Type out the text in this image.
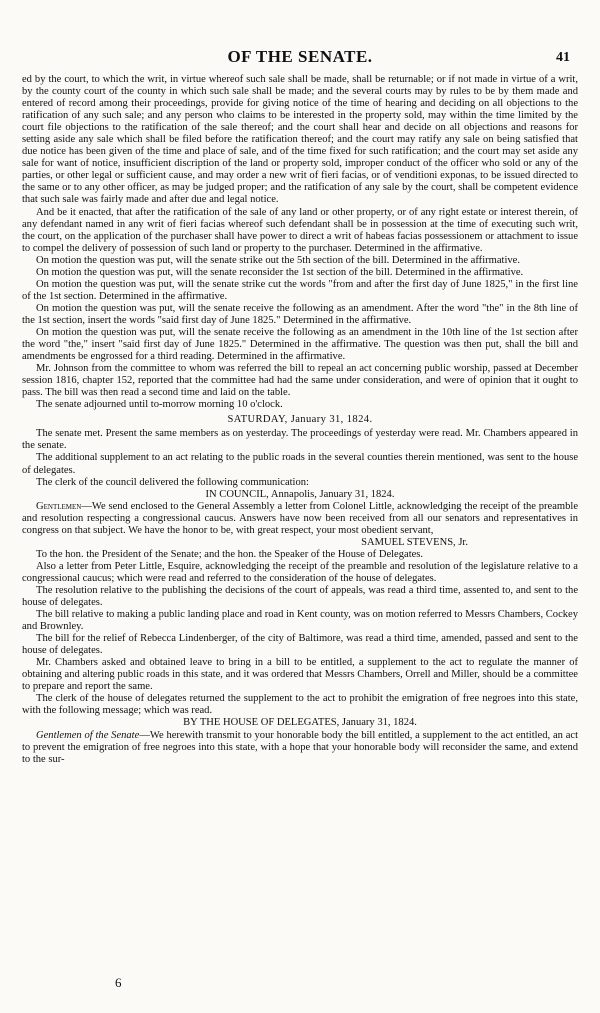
OF THE SENATE.	41

ed by the court, to which the writ, in virtue whereof such sale shall be made, shall be returnable; or if not made in virtue of a writ, by the county court of the county in which such sale shall be made; and the several courts may by rules to be by them made and entered of record among their proceedings, provide for giving notice of the time of hearing and deciding on all objections to the ratification of any such sale; and any person who claims to be interested in the property sold, may within the time limited by the court file objections to the ratification of the sale thereof; and the court shall hear and decide on all objections and reasons for setting aside any sale which shall be filed before the ratification thereof; and the court may ratify any sale on being satisfied that due notice has been given of the time and place of sale, and of the time fixed for such ratification; and the court may set aside any sale for want of notice, insufficient discription of the land or property sold, improper conduct of the officer who sold or any of the parties, or other legal or sufficient cause, and may order a new writ of fieri facias, or of venditioni exponas, to be issued directed to the same or to any other officer, as may be judged proper; and the ratification of any sale by the court, shall be competent evidence that such sale was fairly made and after due and legal notice.

And be it enacted, that after the ratification of the sale of any land or other property, or of any right estate or interest therein, of any defendant named in any writ of fieri facias whereof such defendant shall be in possession at the time of executing such writ, the court, on the application of the purchaser shall have power to direct a writ of habeas facias possessionem or attachment to issue to compel the delivery of possession of such land or property to the purchaser. Determined in the affirmative.

On motion the question was put, will the senate strike out the 5th section of the bill. Determined in the affirmative.

On motion the question was put, will the senate reconsider the 1st section of the bill. Determined in the affirmative.

On motion the question was put, will the senate strike cut the words "from and after the first day of June 1825," in the first line of the 1st section. Determined in the affirmative.

On motion the question was put, will the senate receive the following as an amendment. After the word "the" in the 8th line of the 1st section, insert the words "said first day of June 1825." Determined in the affirmative.

On motion the question was put, will the senate receive the following as an amendment in the 10th line of the 1st section after the word "the," insert "said first day of June 1825." Determined in the affirmative. The question was then put, shall the bill and amendments be engrossed for a third reading. Determined in the affirmative.

Mr. Johnson from the committee to whom was referred the bill to repeal an act concerning public worship, passed at December session 1816, chapter 152, reported that the committee had had the same under consideration, and were of opinion that it ought to pass. The bill was then read a second time and laid on the table.

The senate adjourned until to-morrow morning 10 o'clock.

SATURDAY, January 31, 1824.

The senate met. Present the same members as on yesterday. The proceedings of yesterday were read. Mr. Chambers appeared in the senate.

The additional supplement to an act relating to the public roads in the several counties therein mentioned, was sent to the house of delegates.

The clerk of the council delivered the following communication:

IN COUNCIL, Annapolis, January 31, 1824.

Gentlemen—We send enclosed to the General Assembly a letter from Colonel Little, acknowledging the receipt of the preamble and resolution respecting a congressional caucus. Answers have now been received from all our senators and representatives in congress on that subject. We have the honor to be, with great respect, your most obedient servant,

SAMUEL STEVENS, Jr.

To the hon. the President of the Senate; and the hon. the Speaker of the House of Delegates.

Also a letter from Peter Little, Esquire, acknowledging the receipt of the preamble and resolution of the legislature relative to a congressional caucus; which were read and referred to the consideration of the house of delegates.

The resolution relative to the publishing the decisions of the court of appeals, was read a third time, assented to, and sent to the house of delegates.

The bill relative to making a public landing place and road in Kent county, was on motion referred to Messrs Chambers, Cockey and Brownley.

The bill for the relief of Rebecca Lindenberger, of the city of Baltimore, was read a third time, amended, passed and sent to the house of delegates.

Mr. Chambers asked and obtained leave to bring in a bill to be entitled, a supplement to the act to regulate the manner of obtaining and altering public roads in this state, and it was ordered that Messrs Chambers, Orrell and Miller, should be a committee to prepare and report the same.

The clerk of the house of delegates returned the supplement to the act to prohibit the emigration of free negroes into this state, with the following message; which was read.

BY THE HOUSE OF DELEGATES, January 31, 1824.

Gentlemen of the Senate—We herewith transmit to your honorable body the bill entitled, a supplement to the act entitled, an act to prevent the emigration of free negroes into this state, with a hope that your honorable body will reconsider the same, and extend to the sur-

6
